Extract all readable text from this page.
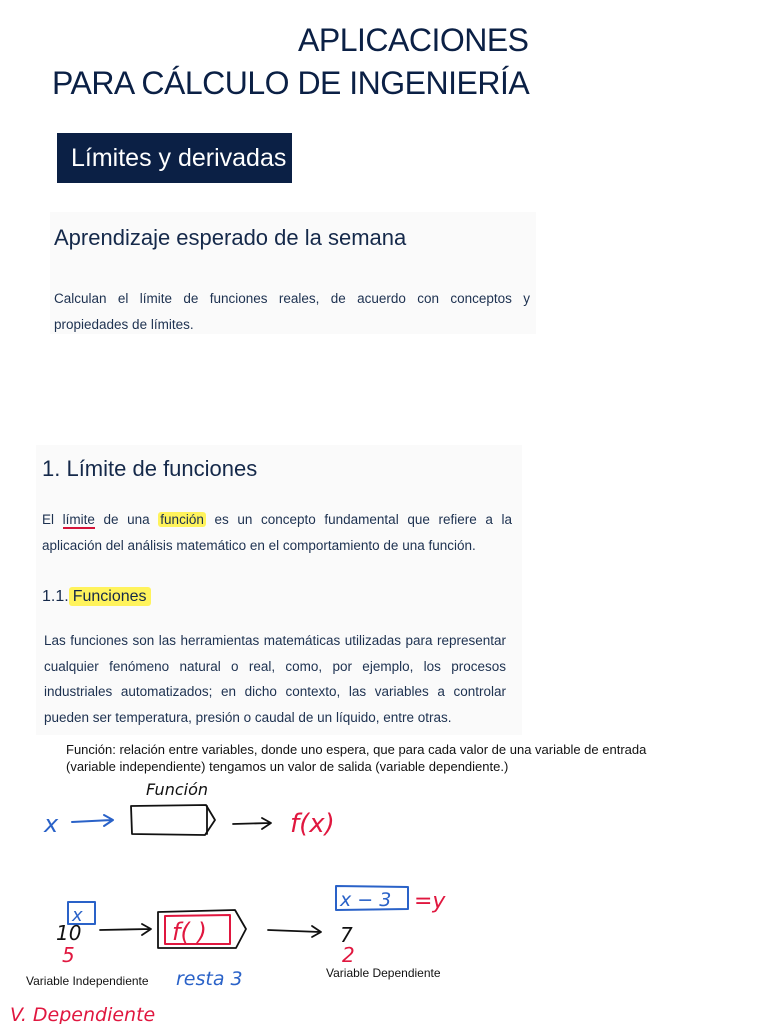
APLICACIONES
PARA CÁLCULO DE INGENIERÍA
Límites y derivadas
Aprendizaje esperado de la semana
Calculan el límite de funciones reales, de acuerdo con conceptos y propiedades de límites.
1. Límite de funciones
El límite de una función es un concepto fundamental que refiere a la aplicación del análisis matemático en el comportamiento de una función.
1.1. Funciones
Las funciones son las herramientas matemáticas utilizadas para representar cualquier fenómeno natural o real, como, por ejemplo, los procesos industriales automatizados; en dicho contexto, las variables a controlar pueden ser temperatura, presión o caudal de un líquido, entre otras.
Función: relación entre variables, donde uno espera, que para cada valor de una variable de entrada (variable independiente) tengamos un valor de salida (variable dependiente.)
x
Función
f(x)
x
10
5
f( )
x − 3 =y
7
2
resta 3
V. Dependiente
Variable Independiente
Variable Dependiente
